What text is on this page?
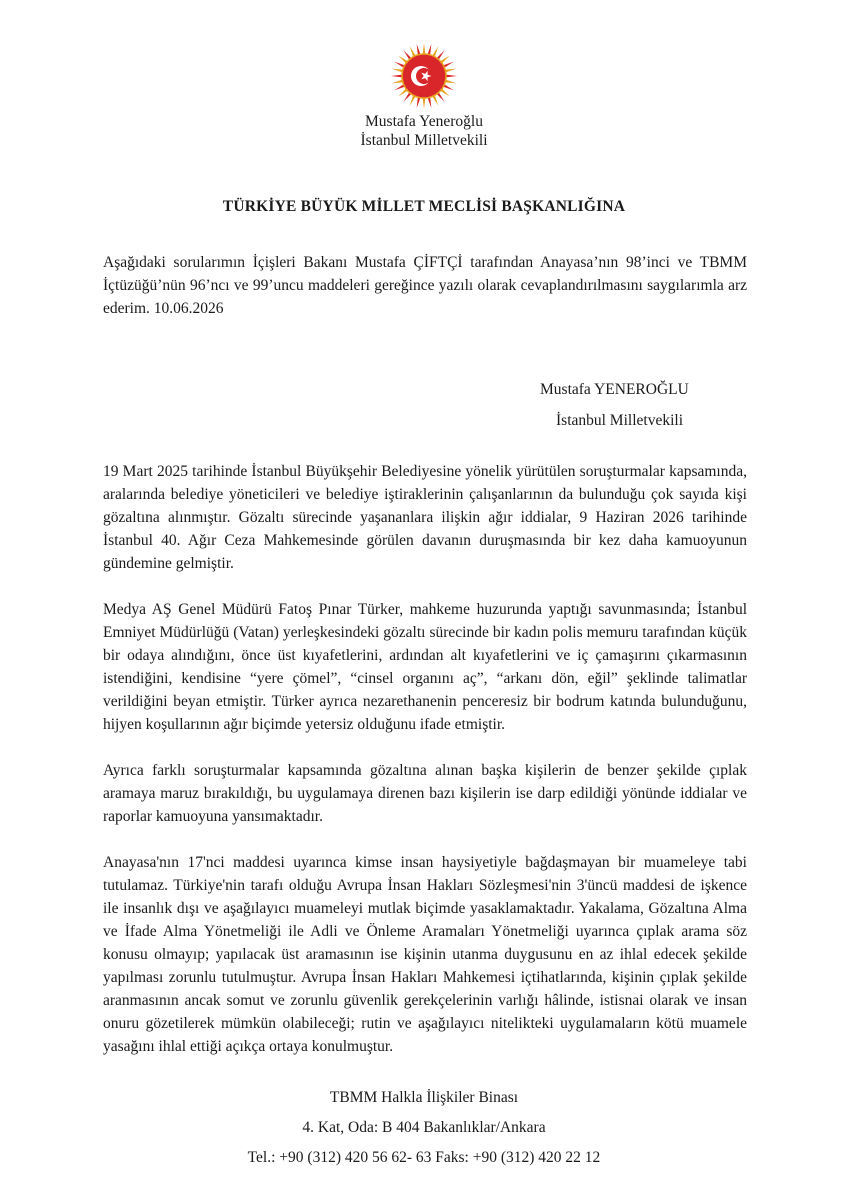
Mustafa Yeneroğlu
İstanbul Milletvekili
TÜRKİYE BÜYÜK MİLLET MECLİSİ BAŞKANLIĞINA
Aşağıdaki sorularımın İçişleri Bakanı Mustafa ÇİFTÇİ tarafından Anayasa’nın 98’inci ve TBMM İçtüzüğü’nün 96’ncı ve 99’uncu maddeleri gereğince yazılı olarak cevaplandırılmasını saygılarımla arz ederim. 10.06.2026
Mustafa YENEROĞLU
İstanbul Milletvekili

19 Mart 2025 tarihinde İstanbul Büyükşehir Belediyesine yönelik yürütülen soruşturmalar kapsamında, aralarında belediye yöneticileri ve belediye iştiraklerinin çalışanlarının da bulunduğu çok sayıda kişi gözaltına alınmıştır. Gözaltı sürecinde yaşananlara ilişkin ağır iddialar, 9 Haziran 2026 tarihinde İstanbul 40. Ağır Ceza Mahkemesinde görülen davanın duruşmasında bir kez daha kamuoyunun gündemine gelmiştir.

Medya AŞ Genel Müdürü Fatoş Pınar Türker, mahkeme huzurunda yaptığı savunmasında; İstanbul Emniyet Müdürlüğü (Vatan) yerleşkesindeki gözaltı sürecinde bir kadın polis memuru tarafından küçük bir odaya alındığını, önce üst kıyafetlerini, ardından alt kıyafetlerini ve iç çamaşırını çıkarmasının istendiğini, kendisine “yere çömel”, “cinsel organını aç”, “arkanı dön, eğil” şeklinde talimatlar verildiğini beyan etmiştir. Türker ayrıca nezarethanenin penceresiz bir bodrum katında bulunduğunu, hijyen koşullarının ağır biçimde yetersiz olduğunu ifade etmiştir.

Ayrıca farklı soruşturmalar kapsamında gözaltına alınan başka kişilerin de benzer şekilde çıplak aramaya maruz bırakıldığı, bu uygulamaya direnen bazı kişilerin ise darp edildiği yönünde iddialar ve raporlar kamuoyuna yansımaktadır.

Anayasa'nın 17'nci maddesi uyarınca kimse insan haysiyetiyle bağdaşmayan bir muameleye tabi tutulamaz. Türkiye'nin tarafı olduğu Avrupa İnsan Hakları Sözleşmesi'nin 3'üncü maddesi de işkence ile insanlık dışı ve aşağılayıcı muameleyi mutlak biçimde yasaklamaktadır. Yakalama, Gözaltına Alma ve İfade Alma Yönetmeliği ile Adli ve Önleme Aramaları Yönetmeliği uyarınca çıplak arama söz konusu olmayıp; yapılacak üst aramasının ise kişinin utanma duygusunu en az ihlal edecek şekilde yapılması zorunlu tutulmuştur. Avrupa İnsan Hakları Mahkemesi içtihatlarında, kişinin çıplak şekilde aranmasının ancak somut ve zorunlu güvenlik gerekçelerinin varlığı hâlinde, istisnai olarak ve insan onuru gözetilerek mümkün olabileceği; rutin ve aşağılayıcı nitelikteki uygulamaların kötü muamele yasağını ihlal ettiği açıkça ortaya konulmuştur.

TBMM Halkla İlişkiler Binası
4. Kat, Oda: B 404 Bakanlıklar/Ankara
Tel.: +90 (312) 420 56 62- 63 Faks: +90 (312) 420 22 12
